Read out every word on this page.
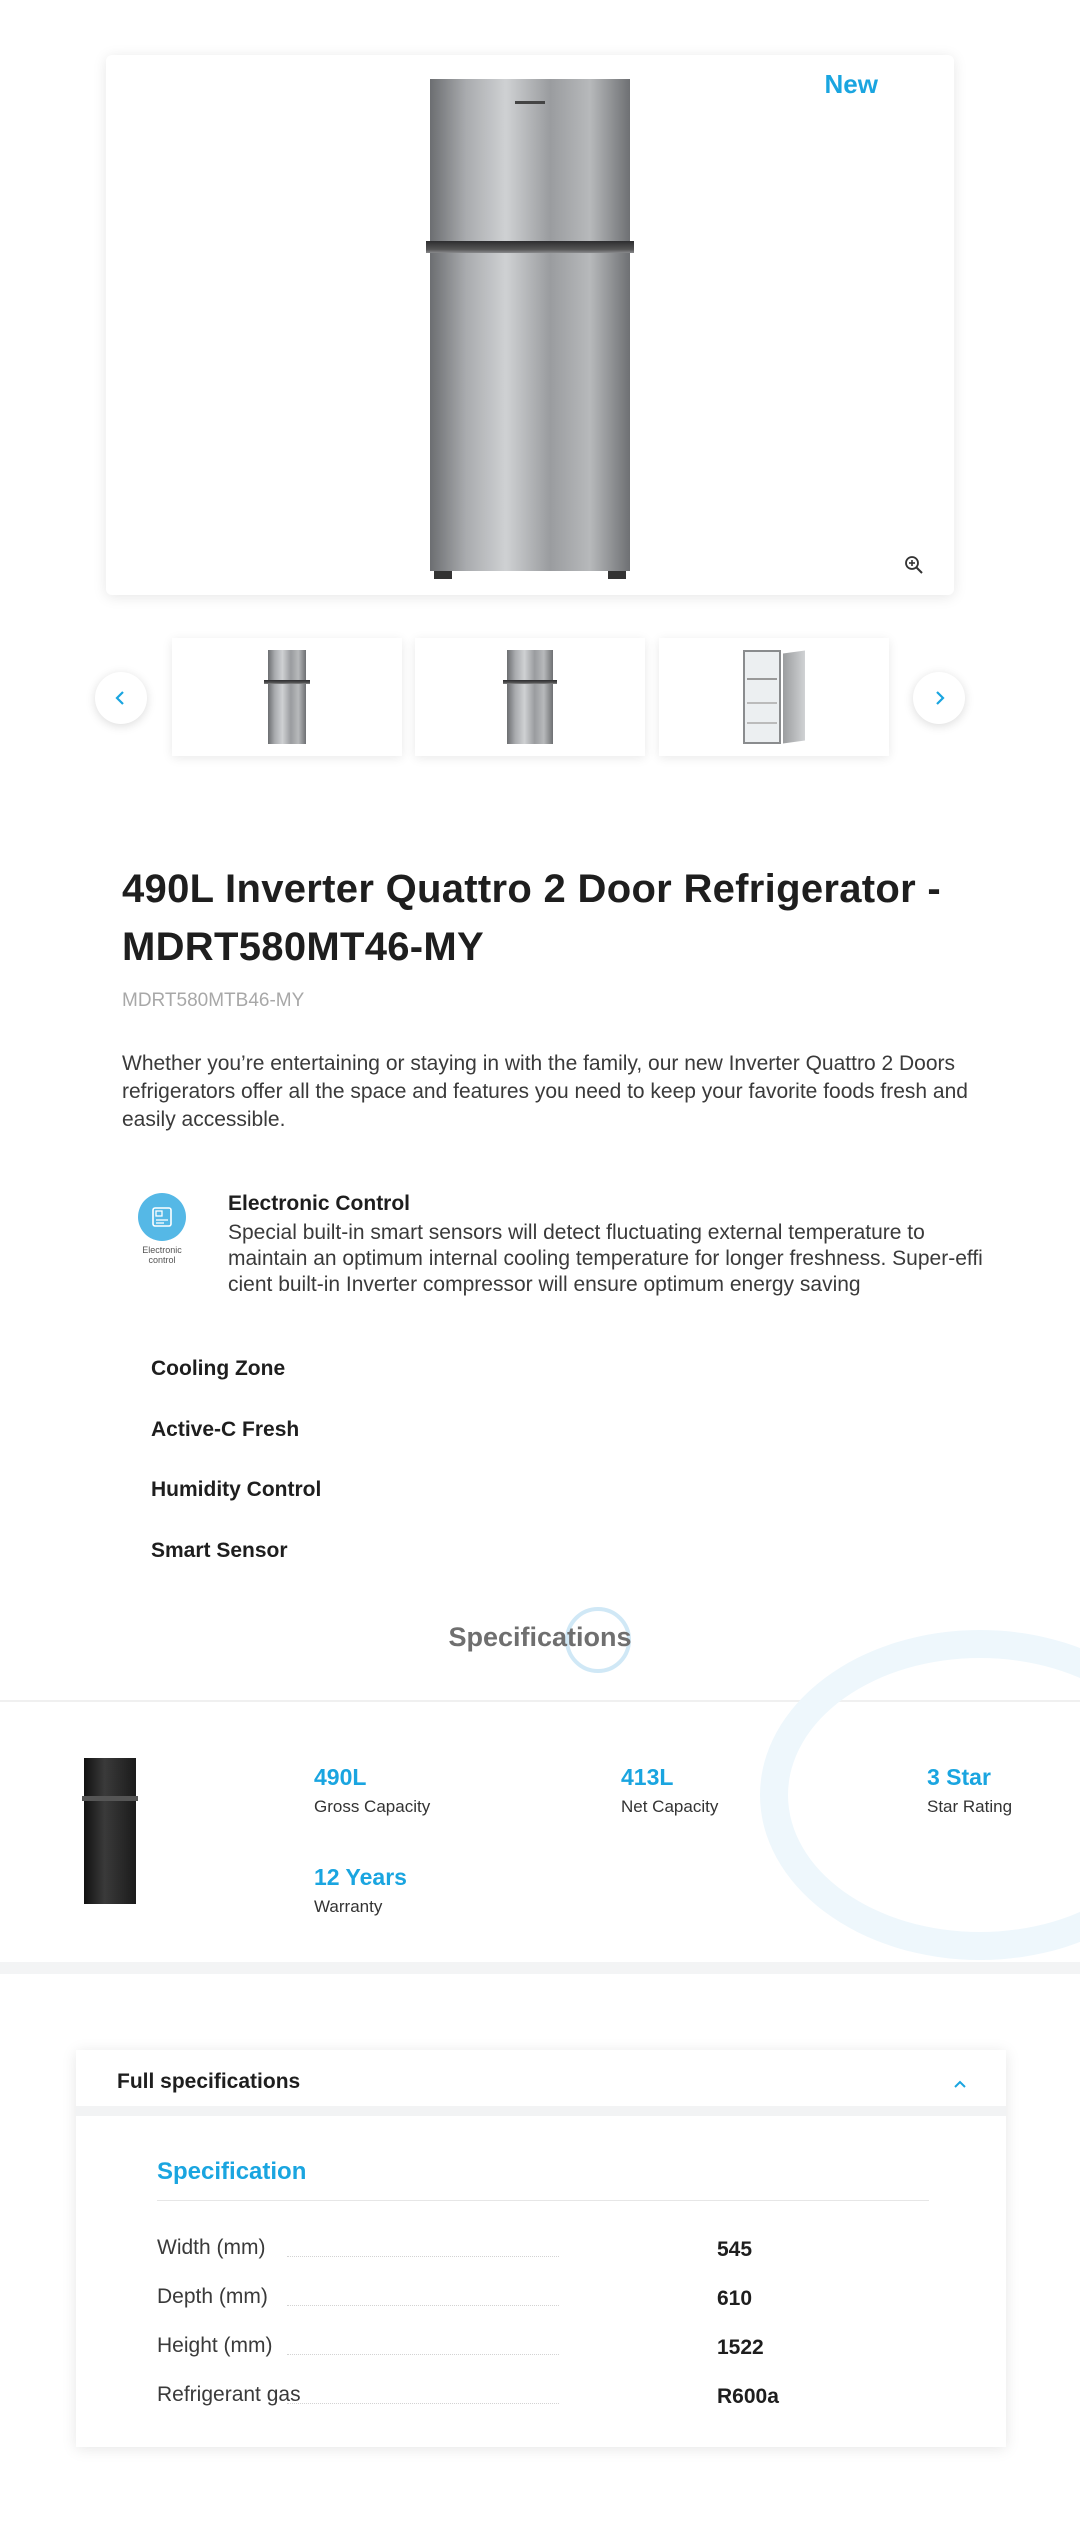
New
490L Inverter Quattro 2 Door Refrigerator - MDRT580MT46-MY
MDRT580MTB46-MY

Whether you’re entertaining or staying in with the family, our new Inverter Quattro 2 Doors refrigerators offer all the space and features you need to keep your favorite foods fresh and easily accessible.

Electronic control
Electronic Control
Special built-in smart sensors will detect fluctuating external temperature to maintain an optimum internal cooling temperature for longer freshness. Super-effi cient built-in Inverter compressor will ensure optimum energy saving
Cooling Zone
Active-C Fresh
Humidity Control
Smart Sensor
Specifications
490L
Gross Capacity
413L
Net Capacity
3 Star
Star Rating
12 Years
Warranty
Full specifications
Specification
Width (mm)	545
Depth (mm)	610
Height (mm)	1522
Refrigerant gas	R600a
